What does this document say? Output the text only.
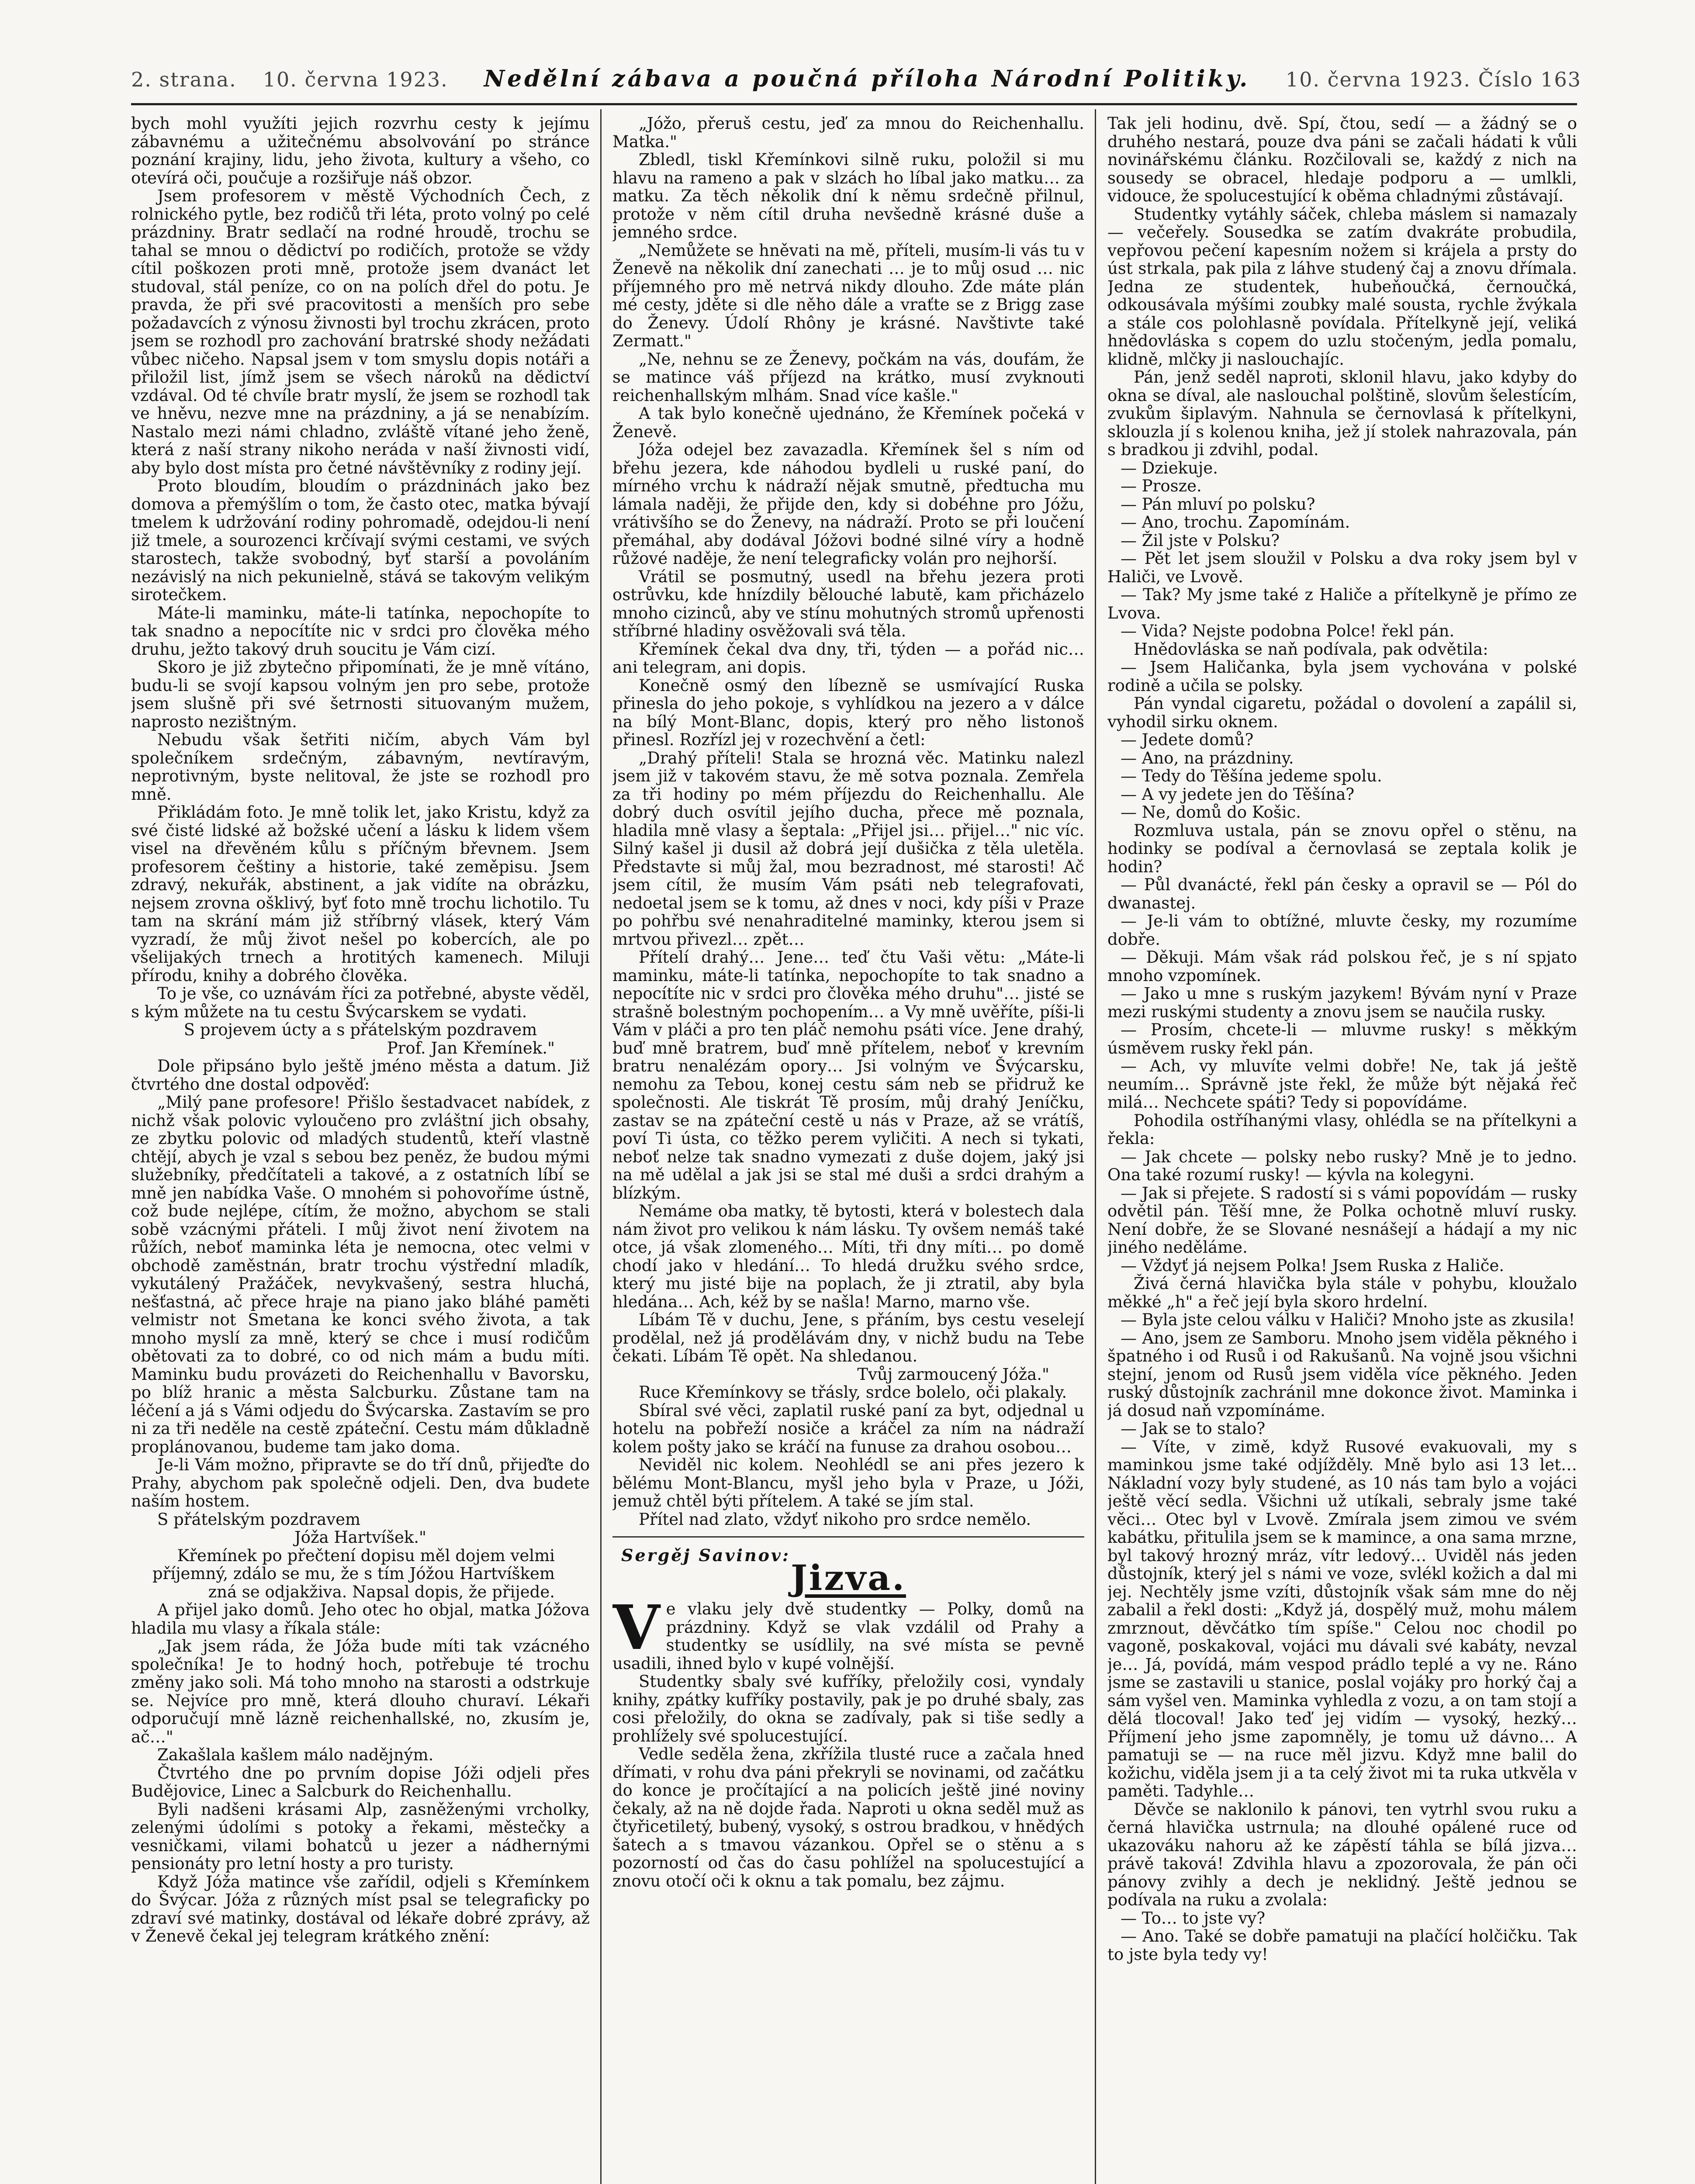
2. strana. 10. června 1923.	Nedělní zábava a poučná příloha Národní Politiky.	10. června 1923. Číslo 163

bych mohl využíti jejich rozvrhu cesty k jejímu zábavnému a užitečnému absolvování po stránce poznání krajiny, lidu, jeho života, kultury a všeho, co otevírá oči, poučuje a rozšiřuje náš obzor.

Jsem profesorem v městě Východních Čech, z rolnického pytle, bez rodičů tři léta, proto volný po celé prázdniny. Bratr sedlačí na rodné hroudě, trochu se tahal se mnou o dědictví po rodičích, protože se vždy cítil poškozen proti mně, protože jsem dvanáct let studoval, stál peníze, co on na polích dřel do potu. Je pravda, že při své pracovitosti a menších pro sebe požadavcích z výnosu živnosti byl trochu zkrácen, proto jsem se rozhodl pro zachování bratrské shody nežádati vůbec ničeho. Napsal jsem v tom smyslu dopis notáři a přiložil list, jímž jsem se všech nároků na dědictví vzdával. Od té chvíle bratr myslí, že jsem se rozhodl tak ve hněvu, nezve mne na prázdniny, a já se nenabízím. Nastalo mezi námi chladno, zvláště vítané jeho ženě, která z naší strany nikoho neráda v naší živnosti vidí, aby bylo dost místa pro četné návštěvníky z rodiny její.

Proto bloudím, bloudím o prázdninách jako bez domova a přemýšlím o tom, že často otec, matka bývají tmelem k udržování rodiny pohromadě, odejdou-li není již tmele, a sourozenci krčívají svými cestami, ve svých starostech, takže svobodný, byť starší a povoláním nezávislý na nich pekunielně, stává se takovým velikým sirotečkem.

Máte-li maminku, máte-li tatínka, nepochopíte to tak snadno a nepocítíte nic v srdci pro člověka mého druhu, ježto takový druh soucitu je Vám cizí.

Skoro je již zbytečno připomínati, že je mně vítáno, budu-li se svojí kapsou volným jen pro sebe, protože jsem slušně při své šetrnosti situovaným mužem, naprosto nezištným.

Nebudu však šetřiti ničím, abych Vám byl společníkem srdečným, zábavným, nevtíravým, neprotivným, byste nelitoval, že jste se rozhodl pro mně.

Přikládám foto. Je mně tolik let, jako Kristu, když za své čisté lidské až božské učení a lásku k lidem všem visel na dřevěném kůlu s příčným břevnem. Jsem profesorem češtiny a historie, také zeměpisu. Jsem zdravý, nekuřák, abstinent, a jak vidíte na obrázku, nejsem zrovna ošklivý, byť foto mně trochu lichotilo. Tu tam na skrání mám již stříbrný vlásek, který Vám vyzradí, že můj život nešel po kobercích, ale po všelijakých trnech a hrotitých kamenech. Miluji přírodu, knihy a dobrého člověka.

To je vše, co uznávám říci za potřebné, abyste věděl, s kým můžete na tu cestu Švýcarskem se vydati.

S projevem úcty a s přátelským pozdravem

Prof. Jan Křemínek."

Dole připsáno bylo ještě jméno města a datum. Již čtvrtého dne dostal odpověď:

„Milý pane profesore! Přišlo šestadvacet nabídek, z nichž však polovic vyloučeno pro zvláštní jich obsahy, ze zbytku polovic od mladých studentů, kteří vlastně chtějí, abych je vzal s sebou bez peněz, že budou mými služebníky, předčítateli a takové, a z ostatních líbí se mně jen nabídka Vaše. O mnohém si pohovoříme ústně, což bude nejlépe, cítím, že možno, abychom se stali sobě vzácnými přáteli. I můj život není životem na růžích, neboť maminka léta je nemocna, otec velmi v obchodě zaměstnán, bratr trochu výstřední mladík, vykutálený Pražáček, nevykvašený, sestra hluchá, nešťastná, ač přece hraje na piano jako bláhé paměti velmistr not Smetana ke konci svého života, a tak mnoho myslí za mně, který se chce i musí rodičům obětovati za to dobré, co od nich mám a budu míti. Maminku budu provázeti do Reichenhallu v Bavorsku, po blíž hranic a města Salcburku. Zůstane tam na léčení a já s Vámi odjedu do Švýcarska. Zastavím se pro ni za tři neděle na cestě zpáteční. Cestu mám důkladně proplánovanou, budeme tam jako doma.

Je-li Vám možno, připravte se do tří dnů, přijeďte do Prahy, abychom pak společně odjeli. Den, dva budete naším hostem.

S přátelským pozdravem

Jóža Hartvíšek."

Křemínek po přečtení dopisu měl dojem velmi příjemný, zdálo se mu, že s tím Jóžou Hartvíškem zná se odjakživa. Napsal dopis, že přijede.

A přijel jako domů. Jeho otec ho objal, matka Jóžova hladila mu vlasy a říkala stále:

„Jak jsem ráda, že Jóža bude míti tak vzácného společníka! Je to hodný hoch, potřebuje té trochu změny jako soli. Má toho mnoho na starosti a odstrkuje se. Nejvíce pro mně, která dlouho churaví. Lékaři odporučují mně lázně reichenhallské, no, zkusím je, ač…"

Zakašlala kašlem málo nadějným.

Čtvrtého dne po prvním dopise Jóži odjeli přes Budějovice, Linec a Salcburk do Reichenhallu.

Byli nadšeni krásami Alp, zasněženými vrcholky, zelenými údolími s potoky a řekami, městečky a vesničkami, vilami bohatců u jezer a nádhernými pensionáty pro letní hosty a pro turisty.

Když Jóža matince vše zařídil, odjeli s Křemínkem do Švýcar. Jóža z různých míst psal se telegraficky po zdraví své matinky, dostával od lékaře dobré zprávy, až v Ženevě čekal jej telegram krátkého znění:

„Jóžo, přeruš cestu, jeď za mnou do Reichenhallu. Matka."

Zbledl, tiskl Křemínkovi silně ruku, položil si mu hlavu na rameno a pak v slzách ho líbal jako matku… za matku. Za těch několik dní k němu srdečně přilnul, protože v něm cítil druha nevšedně krásné duše a jemného srdce.

„Nemůžete se hněvati na mě, příteli, musím-li vás tu v Ženevě na několik dní zanechati … je to můj osud … nic příjemného pro mě netrvá nikdy dlouho. Zde máte plán mé cesty, jděte si dle něho dále a vraťte se z Brigg zase do Ženevy. Údolí Rhôny je krásné. Navštivte také Zermatt."

„Ne, nehnu se ze Ženevy, počkám na vás, doufám, že se matince váš příjezd na krátko, musí zvyknouti reichenhallským mlhám. Snad více kašle."

A tak bylo konečně ujednáno, že Křemínek počeká v Ženevě.

Jóža odejel bez zavazadla. Křemínek šel s ním od břehu jezera, kde náhodou bydleli u ruské paní, do mírného vrchu k nádraží nějak smutně, předtucha mu lámala naději, že přijde den, kdy si dobéhne pro Jóžu, vrátivšího se do Ženevy, na nádraží. Proto se při loučení přemáhal, aby dodával Jóžovi bodné silné víry a hodně růžové naděje, že není telegraficky volán pro nejhorší.

Vrátil se posmutný, usedl na břehu jezera proti ostrůvku, kde hnízdily bělouché labutě, kam přicházelo mnoho cizinců, aby ve stínu mohutných stromů upřenosti stříbrné hladiny osvěžovali svá těla.

Křemínek čekal dva dny, tři, týden — a pořád nic… ani telegram, ani dopis.

Konečně osmý den líbezně se usmívající Ruska přinesla do jeho pokoje, s vyhlídkou na jezero a v dálce na bílý Mont-Blanc, dopis, který pro něho listonoš přinesl. Rozřízl jej v rozechvění a četl:

„Drahý příteli! Stala se hrozná věc. Matinku nalezl jsem již v takovém stavu, že mě sotva poznala. Zemřela za tři hodiny po mém příjezdu do Reichenhallu. Ale dobrý duch osvítil jejího ducha, přece mě poznala, hladila mně vlasy a šeptala: „Přijel jsi… přijel…" nic víc. Silný kašel ji dusil až dobrá její dušička z těla uletěla. Představte si můj žal, mou bezradnost, mé starosti! Ač jsem cítil, že musím Vám psáti neb telegrafovati, nedoetal jsem se k tomu, až dnes v noci, kdy píši v Praze po pohřbu své nenahraditelné maminky, kterou jsem si mrtvou přivezl… zpět…

Přítelí drahý… Jene… teď čtu Vaši větu: „Máte-li maminku, máte-li tatínka, nepochopíte to tak snadno a nepocítíte nic v srdci pro člověka mého druhu"… jisté se strašně bolestným pochopením… a Vy mně uvěříte, píši-li Vám v pláči a pro ten pláč nemohu psáti více. Jene drahý, buď mně bratrem, buď mně přítelem, neboť v krevním bratru nenalézám opory… Jsi volným ve Švýcarsku, nemohu za Tebou, konej cestu sám neb se přidruž ke společnosti. Ale tiskrát Tě prosím, můj drahý Jeníčku, zastav se na zpáteční cestě u nás v Praze, až se vrátíš, poví Ti ústa, co těžko perem vyličiti. A nech si tykati, neboť nelze tak snadno vymezati z duše dojem, jaký jsi na mě udělal a jak jsi se stal mé duši a srdci drahým a blízkým.

Nemáme oba matky, tě bytosti, která v bolestech dala nám život pro velikou k nám lásku. Ty ovšem nemáš také otce, já však zlomeného… Míti, tři dny míti… po domě chodí jako v hledání… To hledá družku svého srdce, který mu jisté bije na poplach, že ji ztratil, aby byla hledána… Ach, kéž by se našla! Marno, marno vše.

Líbám Tě v duchu, Jene, s přáním, bys cestu veselejí prodělal, než já prodělávám dny, v nichž budu na Tebe čekati. Líbám Tě opět. Na shledanou.

Tvůj zarmoucený Jóža."

Ruce Křemínkovy se třásly, srdce bolelo, oči plakaly.

Sbíral své věci, zaplatil ruské paní za byt, odjednal u hotelu na pobřeží nosiče a kráčel za ním na nádraží kolem pošty jako se kráčí na funuse za drahou osobou…

Neviděl nic kolem. Neohlédl se ani přes jezero k bělému Mont-Blancu, myšl jeho byla v Praze, u Jóži, jemuž chtěl býti přítelem. A také se jím stal.

Přítel nad zlato, vždyť nikoho pro srdce nemělo.

Sergěj Savinov:
Jizva.

Ve vlaku jely dvě studentky — Polky, domů na prázdniny. Když se vlak vzdálil od Prahy a studentky se usídlily, na své místa se pevně usadili, ihned bylo v kupé volnější.

Studentky sbaly své kufříky, přeložily cosi, vyndaly knihy, zpátky kufříky postavily, pak je po druhé sbaly, zas cosi přeložily, do okna se zadívaly, pak si tiše sedly a prohlížely své spolucestující.

Vedle seděla žena, zkřížila tlusté ruce a začala hned dřímati, v rohu dva páni překryli se novinami, od začátku do konce je pročítající a na policích ještě jiné noviny čekaly, až na ně dojde řada. Naproti u okna seděl muž as čtyřicetiletý, bubený, vysoký, s ostrou bradkou, v hnědých šatech a s tmavou vázankou. Opřel se o stěnu a s pozorností od čas do času pohlížel na spolucestující a znovu otočí oči k oknu a tak pomalu, bez zájmu.

Tak jeli hodinu, dvě. Spí, čtou, sedí — a žádný se o druhého nestará, pouze dva páni se začali hádati k vůli novinářskému článku. Rozčilovali se, každý z nich na sousedy se obracel, hledaje podporu a — umlkli, vidouce, že spolucestující k oběma chladnými zůstávají.

Studentky vytáhly sáček, chleba máslem si namazaly — večeřely. Sousedka se zatím dvakráte probudila, vepřovou pečení kapesním nožem si krájela a prsty do úst strkala, pak pila z láhve studený čaj a znovu dřímala. Jedna ze studentek, hubeňoučká, černoučká, odkousávala mýšími zoubky malé sousta, rychle žvýkala a stále cos polohlasně povídala. Přítelkyně její, veliká hnědovláska s copem do uzlu stočeným, jedla pomalu, klidně, mlčky ji naslouchajíc.

Pán, jenž seděl naproti, sklonil hlavu, jako kdyby do okna se díval, ale naslouchal polštině, slovům šelestícím, zvukům šiplavým. Nahnula se černovlasá k přítelkyni, sklouzla jí s kolenou kniha, jež jí stolek nahrazovala, pán s bradkou ji zdvihl, podal.

— Dziekuje.

— Prosze.

— Pán mluví po polsku?

— Ano, trochu. Zapomínám.

— Žil jste v Polsku?

— Pět let jsem sloužil v Polsku a dva roky jsem byl v Haliči, ve Lvově.

— Tak? My jsme také z Haliče a přítelkyně je přímo ze Lvova.

— Vida? Nejste podobna Polce! řekl pán.

Hnědovláska se naň podívala, pak odvětila:

— Jsem Haličanka, byla jsem vychována v polské rodině a učila se polsky.

Pán vyndal cigaretu, požádal o dovolení a zapálil si, vyhodil sirku oknem.

— Jedete domů?

— Ano, na prázdniny.

— Tedy do Těšína jedeme spolu.

— A vy jedete jen do Těšína?

— Ne, domů do Košic.

Rozmluva ustala, pán se znovu opřel o stěnu, na hodinky se podíval a černovlasá se zeptala kolik je hodin?

— Půl dvanácté, řekl pán česky a opravil se — Pól do dwanastej.

— Je-li vám to obtížné, mluvte česky, my rozumíme dobře.

— Děkuji. Mám však rád polskou řeč, je s ní spjato mnoho vzpomínek.

— Jako u mne s ruským jazykem! Bývám nyní v Praze mezi ruskými studenty a znovu jsem se naučila rusky.

— Prosím, chcete-li — mluvme rusky! s měkkým úsměvem rusky řekl pán.

— Ach, vy mluvíte velmi dobře! Ne, tak já ještě neumím… Správně jste řekl, že může být nějaká řeč milá… Nechcete spáti? Tedy si popovídáme.

Pohodila ostříhanými vlasy, ohlédla se na přítelkyni a řekla:

— Jak chcete — polsky nebo rusky? Mně je to jedno. Ona také rozumí rusky! — kývla na kolegyni.

— Jak si přejete. S radostí si s vámi popovídám — rusky odvětil pán. Těší mne, že Polka ochotně mluví rusky. Není dobře, že se Slované nesnášejí a hádají a my nic jiného neděláme.

— Vždyť já nejsem Polka! Jsem Ruska z Haliče.

Živá černá hlavička byla stále v pohybu, kloužalo měkké „h" a řeč její byla skoro hrdelní.

— Byla jste celou válku v Haliči? Mnoho jste as zkusila!

— Ano, jsem ze Samboru. Mnoho jsem viděla pěkného i špatného i od Rusů i od Rakušanů. Na vojně jsou všichni stejní, jenom od Rusů jsem viděla více pěkného. Jeden ruský důstojník zachránil mne dokonce život. Maminka i já dosud naň vzpomínáme.

— Jak se to stalo?

— Víte, v zimě, když Rusové evakuovali, my s maminkou jsme také odjížděly. Mně bylo asi 13 let… Nákladní vozy byly studené, as 10 nás tam bylo a vojáci ještě věcí sedla. Všichni už utíkali, sebraly jsme také věci… Otec byl v Lvově. Zmírala jsem zimou ve svém kabátku, přitulila jsem se k mamince, a ona sama mrzne, byl takový hrozný mráz, vítr ledový… Uviděl nás jeden důstojník, který jel s námi ve voze, svlékl kožich a dal mi jej. Nechtěly jsme vzíti, důstojník však sám mne do něj zabalil a řekl dosti: „Když já, dospělý muž, mohu málem zmrznout, děvčátko tím spíše." Celou noc chodil po vagoně, poskakoval, vojáci mu dávali své kabáty, nevzal je… Já, povídá, mám vespod prádlo teplé a vy ne. Ráno jsme se zastavili u stanice, poslal vojáky pro horký čaj a sám vyšel ven. Maminka vyhledla z vozu, a on tam stojí a dělá tlocoval! Jako teď jej vidím — vysoký, hezký… Příjmení jeho jsme zapomněly, je tomu už dávno… A pamatuji se — na ruce měl jizvu. Když mne balil do kožichu, viděla jsem ji a ta celý život mi ta ruka utkvěla v paměti. Tadyhle…

Děvče se naklonilo k pánovi, ten vytrhl svou ruku a černá hlavička ustrnula; na dlouhé opálené ruce od ukazováku nahoru až ke zápěstí táhla se bílá jizva… právě taková! Zdvihla hlavu a zpozorovala, že pán oči pánovy zvihly a dech je neklidný. Ještě jednou se podívala na ruku a zvolala:

— To… to jste vy?

— Ano. Také se dobře pamatuji na plačící holčičku. Tak to jste byla tedy vy!
